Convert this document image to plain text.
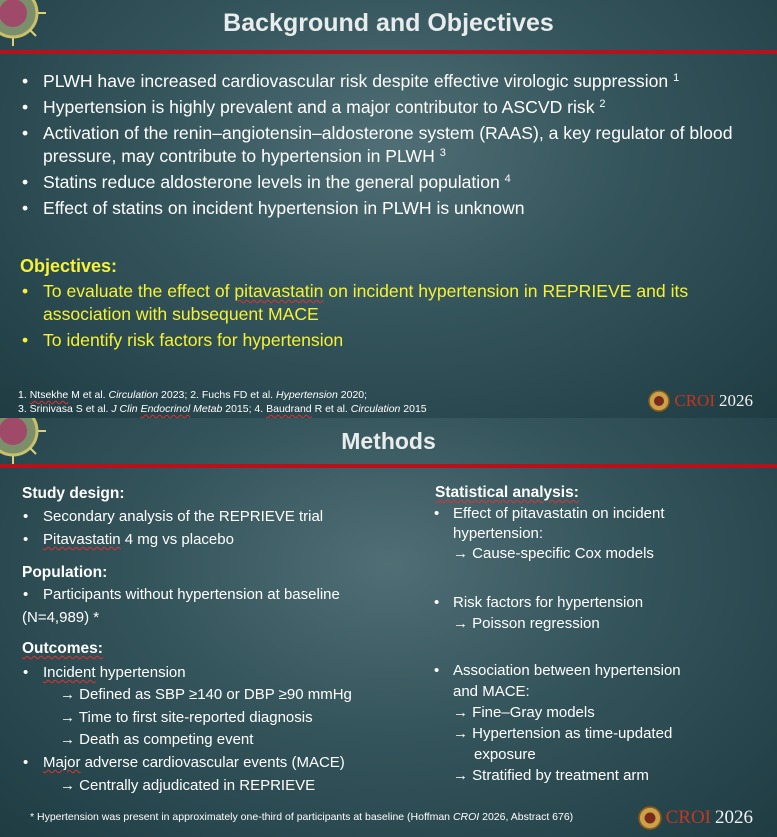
Background and Objectives
• PLWH have increased cardiovascular risk despite effective virologic suppression $^1$
• Hypertension is highly prevalent and a major contributor to ASCVD risk $^2$
• Activation of the renin–angiotensin–aldosterone system (RAAS), a key regulator of blood pressure, may contribute to hypertension in PLWH $^3$
• Statins reduce aldosterone levels in the general population $^4$
• Effect of statins on incident hypertension in PLWH is unknown
Objectives:
• To evaluate the effect of pitavastatin on incident hypertension in REPRIEVE and its association with subsequent MACE
• To identify risk factors for hypertension
1. Ntsekhe M et al. Circulation 2023; 2. Fuchs FD et al. Hypertension 2020;
3. Srinivasa S et al. J Clin Endocrinol Metab 2015; 4. Baudrand R et al. Circulation 2015	CROI 2026
Methods
Study design:
• Secondary analysis of the REPRIEVE trial
• Pitavastatin 4 mg vs placebo
Population:
• Participants without hypertension at baseline
(N=4,989) *
Outcomes:
• Incident hypertension
→ Defined as SBP ≥140 or DBP ≥90 mmHg
→ Time to first site-reported diagnosis
→ Death as competing event
• Major adverse cardiovascular events (MACE)
→ Centrally adjudicated in REPRIEVE
Statistical analysis:
• Effect of pitavastatin on incident
hypertension:
→ Cause-specific Cox models
• Risk factors for hypertension
→ Poisson regression
• Association between hypertension
and MACE:
→ Fine–Gray models
→ Hypertension as time-updated
exposure
→ Stratified by treatment arm
* Hypertension was present in approximately one-third of participants at baseline (Hoffman CROI 2026, Abstract 676)	CROI 2026
